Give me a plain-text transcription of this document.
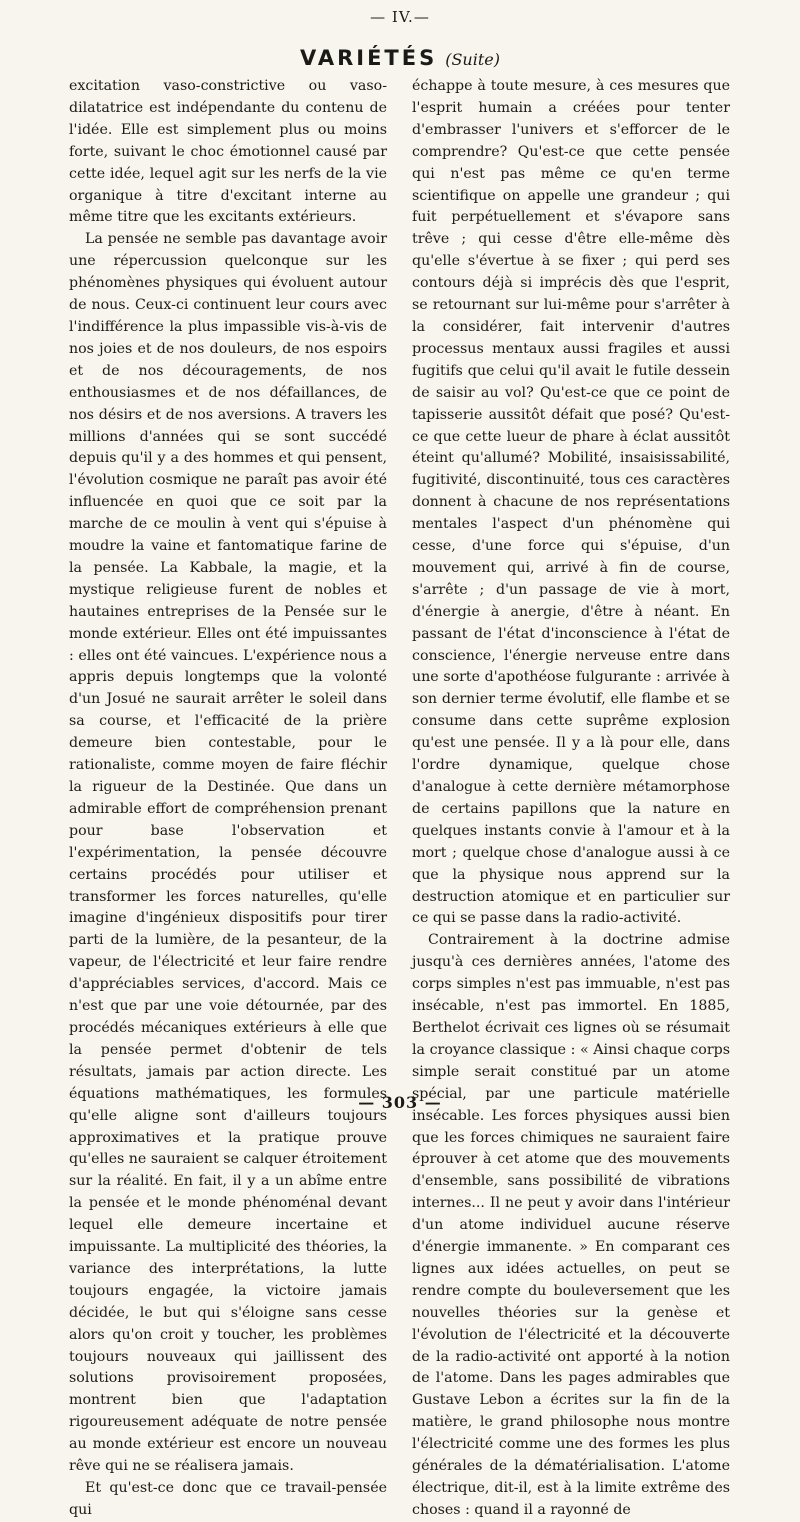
— IV.—
VARIÉTÉS (Suite)

excitation vaso-constrictive ou vaso-dilatatrice est indépendante du contenu de l'idée. Elle est simplement plus ou moins forte, suivant le choc émotionnel causé par cette idée, lequel agit sur les nerfs de la vie organique à titre d'excitant interne au même titre que les excitants extérieurs.

La pensée ne semble pas davantage avoir une répercussion quelconque sur les phénomènes physiques qui évoluent autour de nous. Ceux-ci continuent leur cours avec l'indifférence la plus impassible vis-à-vis de nos joies et de nos douleurs, de nos espoirs et de nos découragements, de nos enthousiasmes et de nos défaillances, de nos désirs et de nos aversions. A travers les millions d'années qui se sont succédé depuis qu'il y a des hommes et qui pensent, l'évolution cosmique ne paraît pas avoir été influencée en quoi que ce soit par la marche de ce moulin à vent qui s'épuise à moudre la vaine et fantomatique farine de la pensée. La Kabbale, la magie, et la mystique religieuse furent de nobles et hautaines entreprises de la Pensée sur le monde extérieur. Elles ont été impuissantes : elles ont été vaincues. L'expérience nous a appris depuis longtemps que la volonté d'un Josué ne saurait arrêter le soleil dans sa course, et l'efficacité de la prière demeure bien contestable, pour le rationaliste, comme moyen de faire fléchir la rigueur de la Destinée. Que dans un admirable effort de compréhension prenant pour base l'observation et l'expérimentation, la pensée découvre certains procédés pour utiliser et transformer les forces naturelles, qu'elle imagine d'ingénieux dispositifs pour tirer parti de la lumière, de la pesanteur, de la vapeur, de l'électricité et leur faire rendre d'appréciables services, d'accord. Mais ce n'est que par une voie détournée, par des procédés mécaniques extérieurs à elle que la pensée permet d'obtenir de tels résultats, jamais par action directe. Les équations mathématiques, les formules qu'elle aligne sont d'ailleurs toujours approximatives et la pratique prouve qu'elles ne sauraient se calquer étroitement sur la réalité. En fait, il y a un abîme entre la pensée et le monde phénoménal devant lequel elle demeure incertaine et impuissante. La multiplicité des théories, la variance des interprétations, la lutte toujours engagée, la victoire jamais décidée, le but qui s'éloigne sans cesse alors qu'on croit y toucher, les problèmes toujours nouveaux qui jaillissent des solutions provisoirement proposées, montrent bien que l'adaptation rigoureusement adéquate de notre pensée au monde extérieur est encore un nouveau rêve qui ne se réalisera jamais.

Et qu'est-ce donc que ce travail-pensée qui

échappe à toute mesure, à ces mesures que l'esprit humain a créées pour tenter d'embrasser l'univers et s'efforcer de le comprendre? Qu'est-ce que cette pensée qui n'est pas même ce qu'en terme scientifique on appelle une grandeur ; qui fuit perpétuellement et s'évapore sans trêve ; qui cesse d'être elle-même dès qu'elle s'évertue à se fixer ; qui perd ses contours déjà si imprécis dès que l'esprit, se retournant sur lui-même pour s'arrêter à la considérer, fait intervenir d'autres processus mentaux aussi fragiles et aussi fugitifs que celui qu'il avait le futile dessein de saisir au vol? Qu'est-ce que ce point de tapisserie aussitôt défait que posé? Qu'est-ce que cette lueur de phare à éclat aussitôt éteint qu'allumé? Mobilité, insaisissabilité, fugitivité, discontinuité, tous ces caractères donnent à chacune de nos représentations mentales l'aspect d'un phénomène qui cesse, d'une force qui s'épuise, d'un mouvement qui, arrivé à fin de course, s'arrête ; d'un passage de vie à mort, d'énergie à anergie, d'être à néant. En passant de l'état d'inconscience à l'état de conscience, l'énergie nerveuse entre dans une sorte d'apothéose fulgurante : arrivée à son dernier terme évolutif, elle flambe et se consume dans cette suprême explosion qu'est une pensée. Il y a là pour elle, dans l'ordre dynamique, quelque chose d'analogue à cette dernière métamorphose de certains papillons que la nature en quelques instants convie à l'amour et à la mort ; quelque chose d'analogue aussi à ce que la physique nous apprend sur la destruction atomique et en particulier sur ce qui se passe dans la radio-activité.

Contrairement à la doctrine admise jusqu'à ces dernières années, l'atome des corps simples n'est pas immuable, n'est pas insécable, n'est pas immortel. En 1885, Berthelot écrivait ces lignes où se résumait la croyance classique : « Ainsi chaque corps simple serait constitué par un atome spécial, par une particule matérielle insécable. Les forces physiques aussi bien que les forces chimiques ne sauraient faire éprouver à cet atome que des mouvements d'ensemble, sans possibilité de vibrations internes... Il ne peut y avoir dans l'intérieur d'un atome individuel aucune réserve d'énergie immanente. » En comparant ces lignes aux idées actuelles, on peut se rendre compte du bouleversement que les nouvelles théories sur la genèse et l'évolution de l'électricité et la découverte de la radio-activité ont apporté à la notion de l'atome. Dans les pages admirables que Gustave Lebon a écrites sur la fin de la matière, le grand philosophe nous montre l'électricité comme une des formes les plus générales de la dématérialisation. L'atome électrique, dit-il, est à la limite extrême des choses : quand il a rayonné de

— 303 —
